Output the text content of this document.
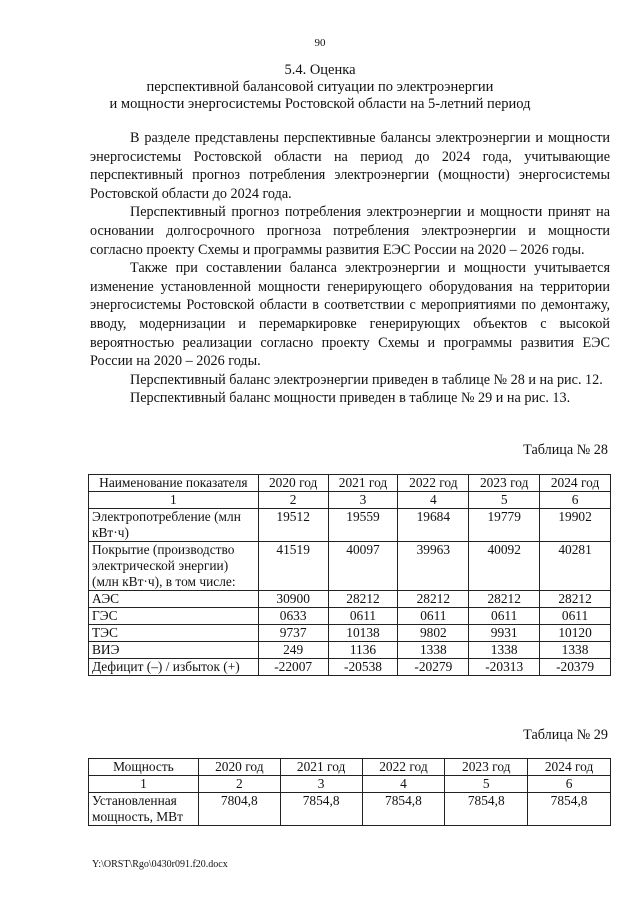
90
5.4. Оценка
перспективной балансовой ситуации по электроэнергии
и мощности энергосистемы Ростовской области на 5-летний период

В разделе представлены перспективные балансы электроэнергии и мощности энергосистемы Ростовской области на период до 2024 года, учитывающие перспективный прогноз потребления электроэнергии (мощности) энергосистемы Ростовской области до 2024 года.

Перспективный прогноз потребления электроэнергии и мощности принят на основании долгосрочного прогноза потребления электроэнергии и мощности согласно проекту Схемы и программы развития ЕЭС России на 2020 – 2026 годы.

Также при составлении баланса электроэнергии и мощности учитывается изменение установленной мощности генерирующего оборудования на территории энергосистемы Ростовской области в соответствии с мероприятиями по демонтажу, вводу, модернизации и перемаркировке генерирующих объектов с высокой вероятностью реализации согласно проекту Схемы и программы развития ЕЭС России на 2020 – 2026 годы.

Перспективный баланс электроэнергии приведен в таблице № 28 и на рис. 12.

Перспективный баланс мощности приведен в таблице № 29 и на рис. 13.

Таблица № 28
Наименование показателя	2020 год	2021 год	2022 год	2023 год	2024 год
1	2	3	4	5	6
Электропотребление (млн кВт·ч)	19512	19559	19684	19779	19902
Покрытие (производство электрической энергии) (млн кВт·ч), в том числе:	41519	40097	39963	40092	40281
АЭС	30900	28212	28212	28212	28212
ГЭС	0633	0611	0611	0611	0611
ТЭС	9737	10138	9802	9931	10120
ВИЭ	249	1136	1338	1338	1338
Дефицит (–) / избыток (+)	-22007	-20538	-20279	-20313	-20379
Таблица № 29
Мощность	2020 год	2021 год	2022 год	2023 год	2024 год
1	2	3	4	5	6
Установленная мощность, МВт	7804,8	7854,8	7854,8	7854,8	7854,8
Y:\ORST\Rgo\0430r091.f20.docx
